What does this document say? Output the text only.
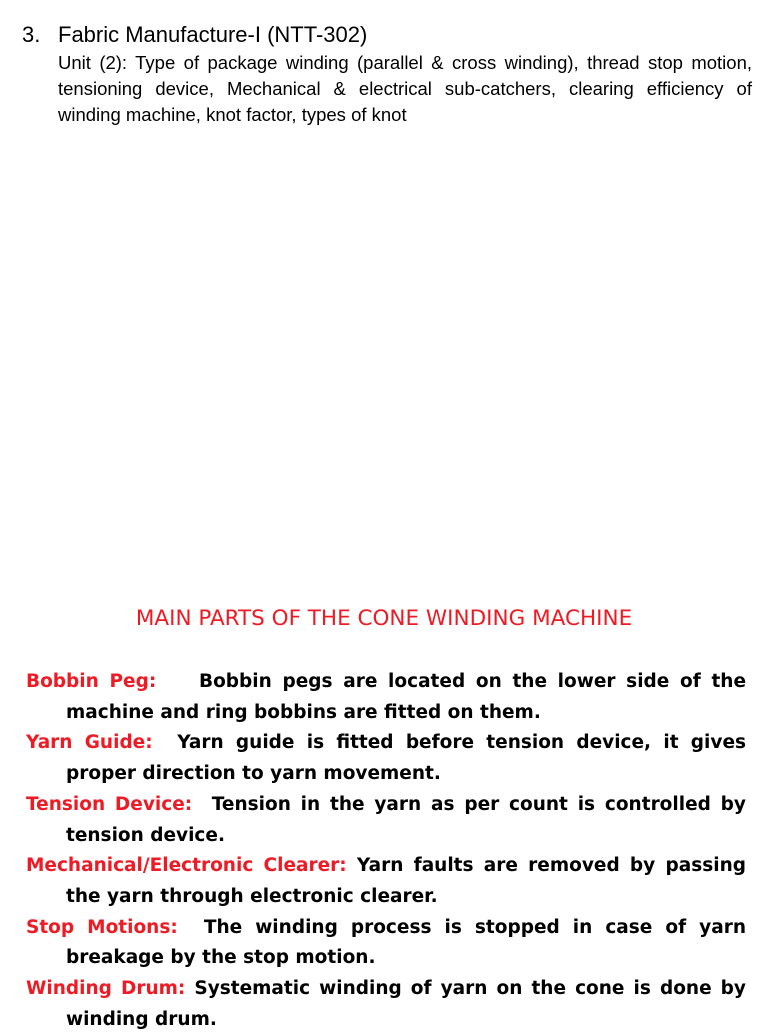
3. Fabric Manufacture-I (NTT-302)
Unit (2): Type of package winding (parallel & cross winding), thread stop motion, tensioning device, Mechanical & electrical sub-catchers, clearing efficiency of winding machine, knot factor, types of knot
MAIN PARTS OF THE CONE WINDING MACHINE
Bobbin Peg: Bobbin pegs are located on the lower side of the machine and ring bobbins are fitted on them.
Yarn Guide: Yarn guide is fitted before tension device, it gives proper direction to yarn movement.
Tension Device: Tension in the yarn as per count is controlled by tension device.
Mechanical/Electronic Clearer: Yarn faults are removed by passing the yarn through electronic clearer.
Stop Motions: The winding process is stopped in case of yarn breakage by the stop motion.
Winding Drum: Systematic winding of yarn on the cone is done by winding drum.
